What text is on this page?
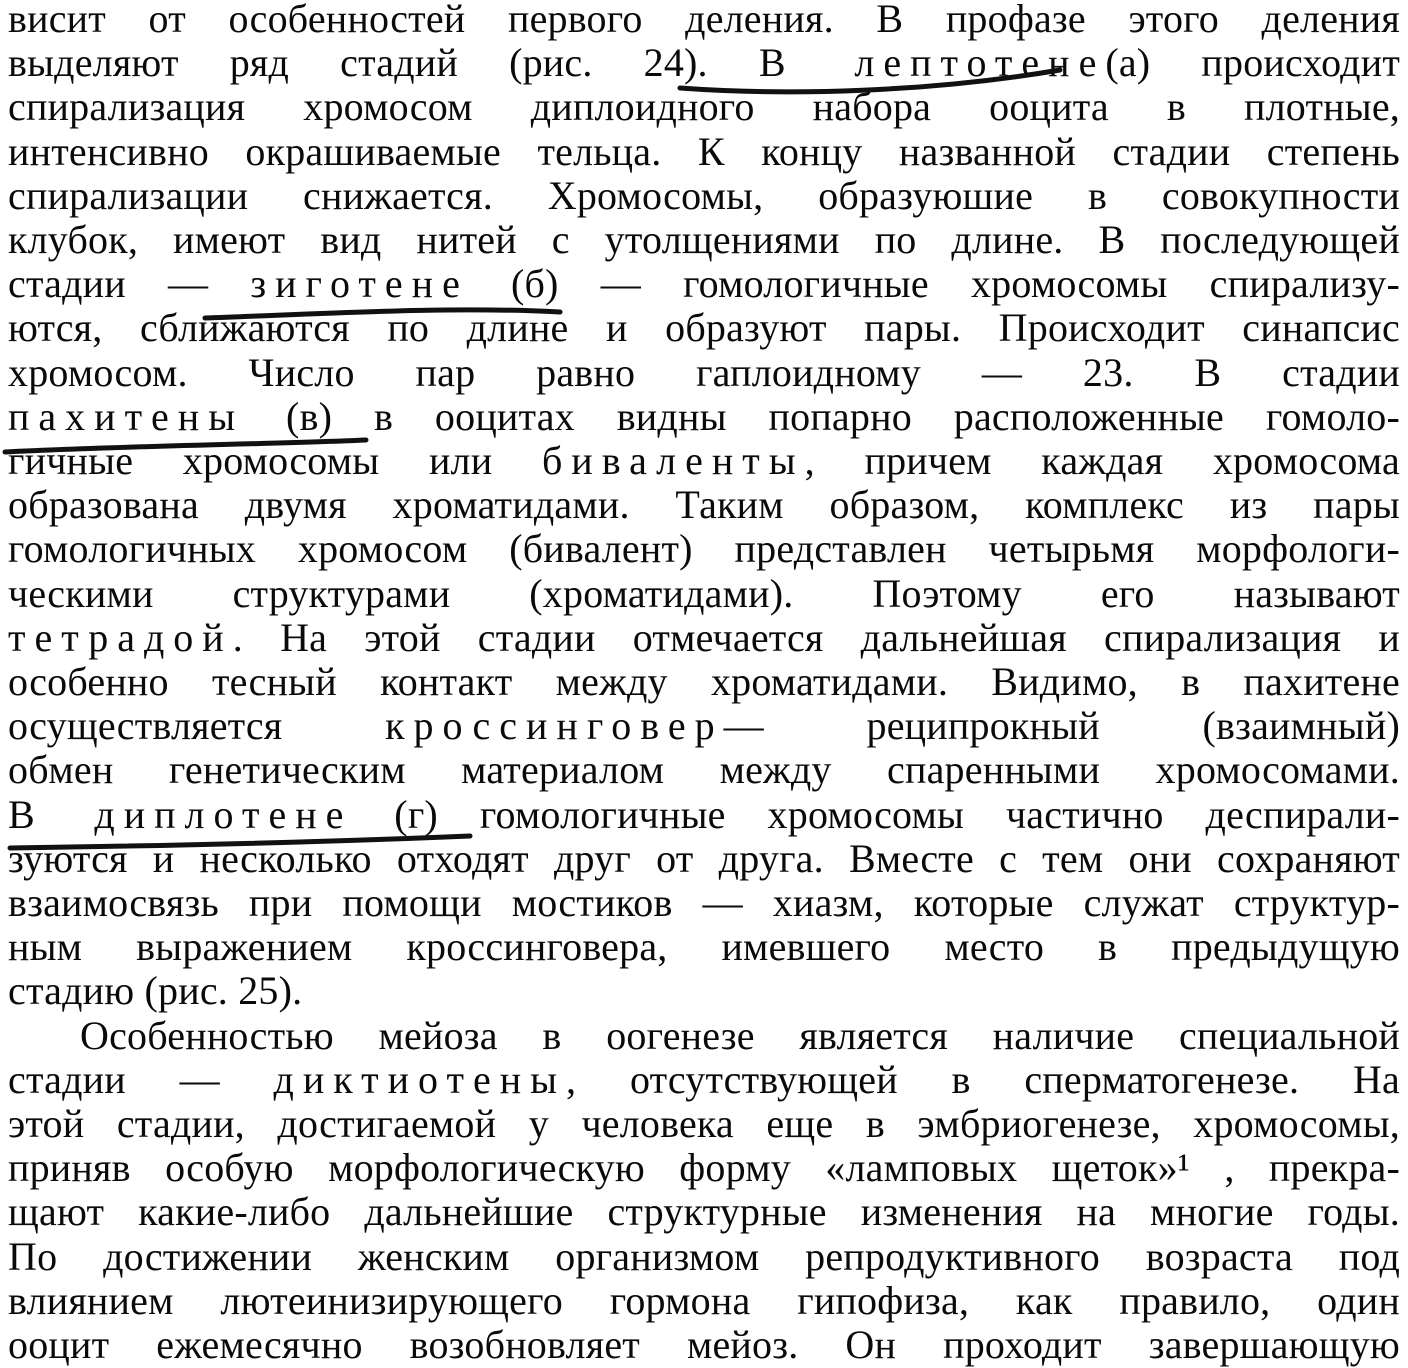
висит от особенностей первого деления. В профазе этого деления
выделяют ряд стадий (рис. 24). В лептотене(а) происходит
спирализация хромосом диплоидного набора ооцита в плотные,
интенсивно окрашиваемые тельца. К концу названной стадии степень
спирализации снижается. Хромосомы, образуюшие в совокупности
клубок, имеют вид нитей с утолщениями по длине. В последующей
стадии — зиготене (б) — гомологичные хромосомы спирализу-
ются, сближаются по длине и образуют пары. Происходит синапсис
хромосом. Число пар равно гаплоидному — 23. В стадии
пахитены (в) в ооцитах видны попарно расположенные гомоло-
гичные хромосомы или биваленты, причем каждая хромосома
образована двумя хроматидами. Таким образом, комплекс из пары
гомологичных хромосом (бивалент) представлен четырьмя морфологи-
ческими структурами (хроматидами). Поэтому его называют
тетрадой. На этой стадии отмечается дальнейшая спирализация и
особенно тесный контакт между хроматидами. Видимо, в пахитене
осуществляется кроссинговер— реципрокный (взаимный)
обмен генетическим материалом между спаренными хромосомами.
В диплотене (г) гомологичные хромосомы частично деспирали-
зуются и несколько отходят друг от друга. Вместе с тем они сохраняют
взаимосвязь при помощи мостиков — хиазм, которые служат структур-
ным выражением кроссинговера, имевшего место в предыдущую
стадию (рис. 25).
Особенностью мейоза в оогенезе является наличие специальной
стадии — диктиотены, отсутствующей в сперматогенезе. На
этой стадии, достигаемой у человека еще в эмбриогенезе, хромосомы,
приняв особую морфологическую форму «ламповых щеток»¹ , прекра-
щают какие-либо дальнейшие структурные изменения на многие годы.
По достижении женским организмом репродуктивного возраста под
влиянием лютеинизирующего гормона гипофиза, как правило, один
ооцит ежемесячно возобновляет мейоз. Он проходит завершающую
